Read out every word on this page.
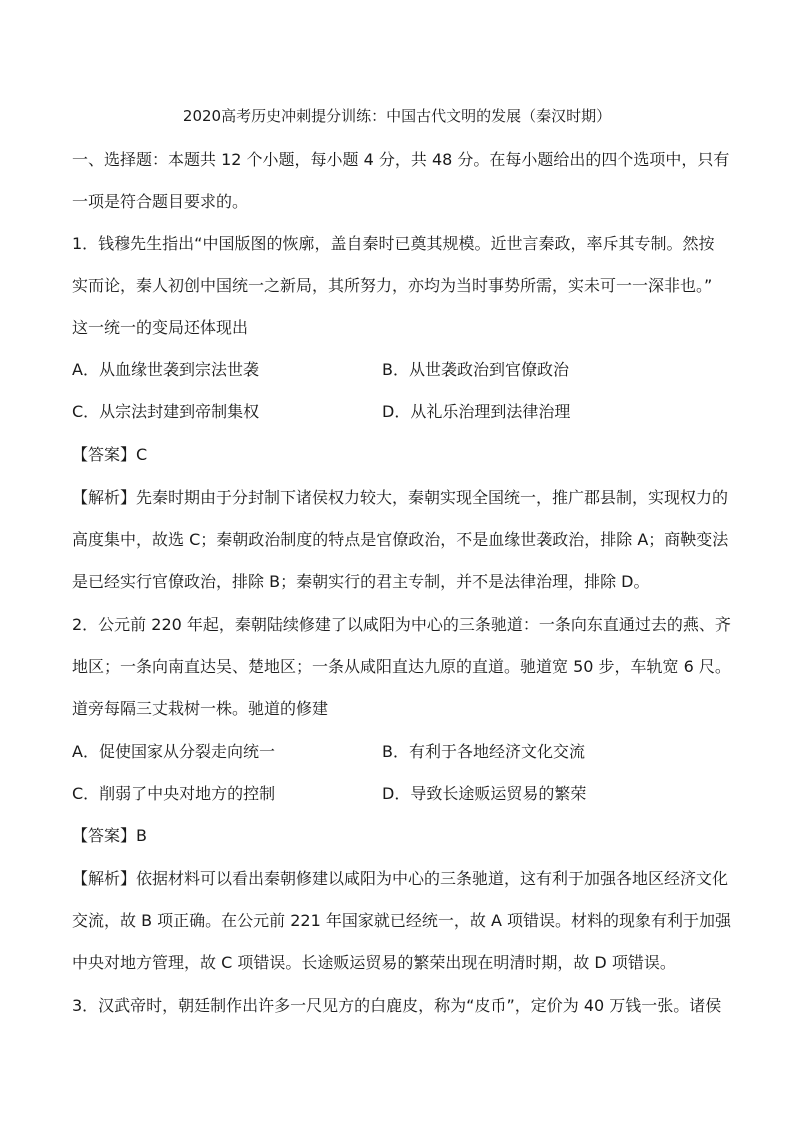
2020高考历史冲刺提分训练：中国古代文明的发展（秦汉时期）
一、选择题：本题共 12 个小题，每小题 4 分，共 48 分。在每小题给出的四个选项中，只有
一项是符合题目要求的。
1．钱穆先生指出“中国版图的恢廓，盖自秦时已奠其规模。近世言秦政，率斥其专制。然按
实而论，秦人初创中国统一之新局，其所努力，亦均为当时事势所需，实未可一一深非也。”
这一统一的变局还体现出
A．从血缘世袭到宗法世袭	B．从世袭政治到官僚政治
C．从宗法封建到帝制集权	D．从礼乐治理到法律治理
【答案】C
【解析】先秦时期由于分封制下诸侯权力较大，秦朝实现全国统一，推广郡县制，实现权力的
高度集中，故选 C；秦朝政治制度的特点是官僚政治，不是血缘世袭政治，排除 A；商鞅变法
是已经实行官僚政治，排除 B；秦朝实行的君主专制，并不是法律治理，排除 D。
2．公元前 220 年起，秦朝陆续修建了以咸阳为中心的三条驰道：一条向东直通过去的燕、齐
地区；一条向南直达吴、楚地区；一条从咸阳直达九原的直道。驰道宽 50 步，车轨宽 6 尺。
道旁每隔三丈栽树一株。驰道的修建
A．促使国家从分裂走向统一	B．有利于各地经济文化交流
C．削弱了中央对地方的控制	D．导致长途贩运贸易的繁荣
【答案】B
【解析】依据材料可以看出秦朝修建以咸阳为中心的三条驰道，这有利于加强各地区经济文化
交流，故 B 项正确。在公元前 221 年国家就已经统一，故 A 项错误。材料的现象有利于加强
中央对地方管理，故 C 项错误。长途贩运贸易的繁荣出现在明清时期，故 D 项错误。
3．汉武帝时，朝廷制作出许多一尺见方的白鹿皮，称为“皮币”，定价为 40 万钱一张。诸侯
